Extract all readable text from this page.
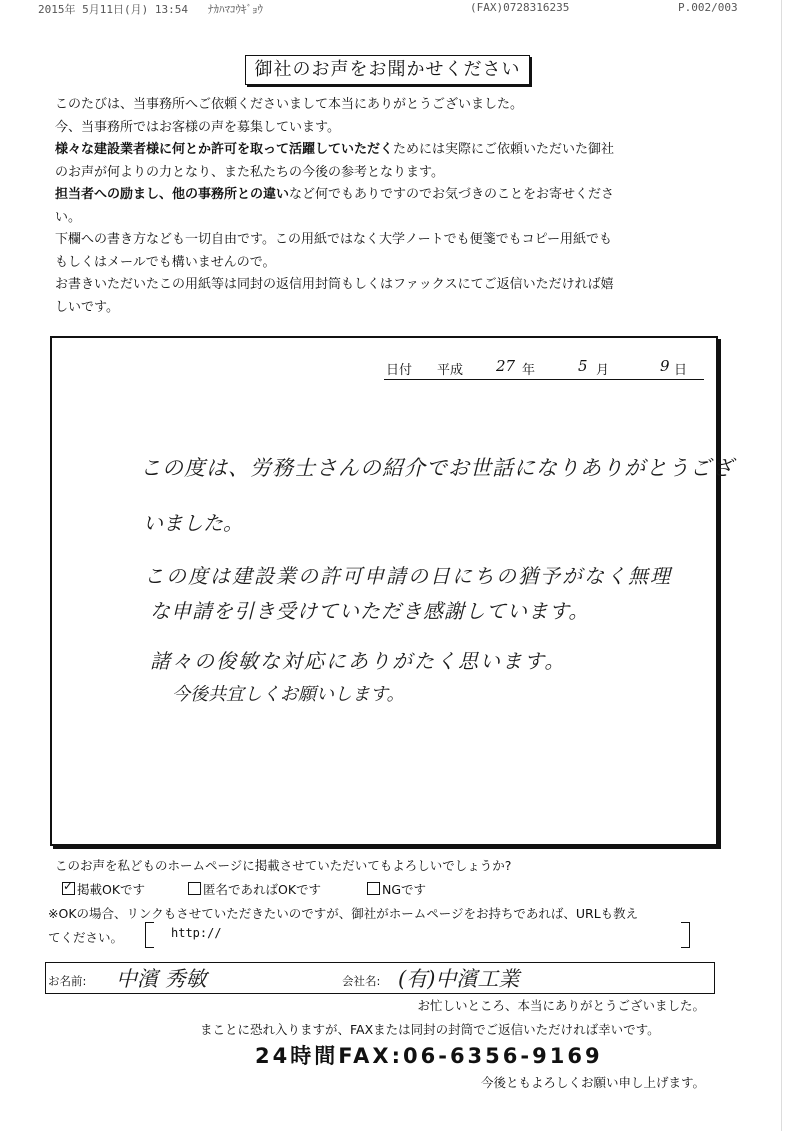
2015年 5月11日(月) 13:54 ﾅｶﾊﾏｺｳｷﾞｮｳ	(FAX)0728316235	P.002/003
御社のお声をお聞かせください

このたびは、当事務所へご依頼くださいまして本当にありがとうございました。

今、当事務所ではお客様の声を募集しています。

様々な建設業者様に何とか許可を取って活躍していただくためには実際にご依頼いただいた御社

のお声が何よりの力となり、また私たちの今後の参考となります。

担当者への励まし、他の事務所との違いなど何でもありですのでお気づきのことをお寄せくださ

い。

下欄への書き方なども一切自由です。この用紙ではなく大学ノートでも便箋でもコピー用紙でも

もしくはメールでも構いませんので。

お書きいただいたこの用紙等は同封の返信用封筒もしくはファックスにてご返信いただければ嬉

しいです。

日付 平成 27 年	5 月	9 日
この度は、労務士さんの紹介でお世話になりありがとうござ
いました。
この度は建設業の許可申請の日にちの猶予がなく無理
な申請を引き受けていただき感謝しています。
諸々の俊敏な対応にありがたく思います。
今後共宜しくお願いします。
このお声を私どものホームページに掲載させていただいてもよろしいでしょうか?
✓ 掲載OKです	匿名であればOKです	NGです
※OKの場合、リンクもさせていただきたいのですが、御社がホームページをお持ちであれば、URLも教え
てください。	http://
お名前: 中濱 秀敏	会社名: (有)中濱工業
お忙しいところ、本当にありがとうございました。
まことに恐れ入りますが、FAXまたは同封の封筒でご返信いただければ幸いです。
24時間FAX:06-6356-9169
今後ともよろしくお願い申し上げます。
